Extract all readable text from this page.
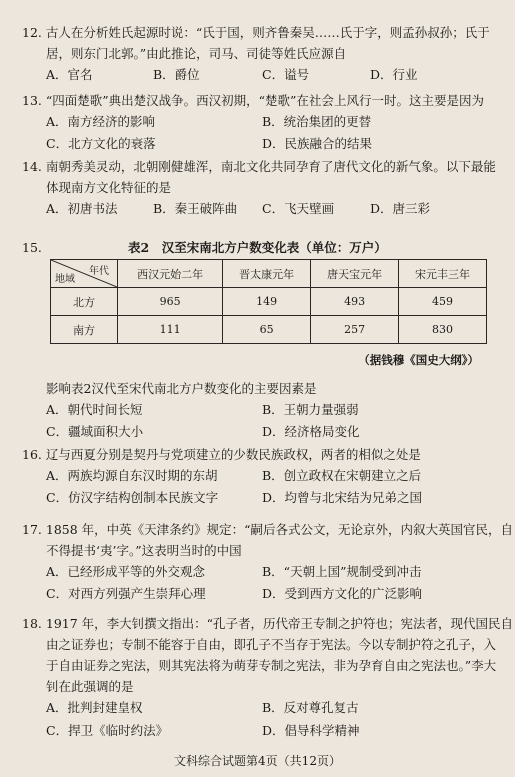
12. 古人在分析姓氏起源时说：“氏于国，则齐鲁秦吴……氏于字，则孟孙叔孙；氏于
居，则东门北郭。”由此推论，司马、司徒等姓氏应源自
A．官名	B．爵位	C．谥号	D．行业
13. “四面楚歌”典出楚汉战争。西汉初期，“楚歌”在社会上风行一时。这主要是因为
A．南方经济的影响	B．统治集团的更替
C．北方文化的衰落	D．民族融合的结果
14. 南朝秀美灵动，北朝刚健雄浑，南北文化共同孕育了唐代文化的新气象。以下最能
体现南方文化特征的是
A．初唐书法	B．秦王破阵曲 C．飞天壁画	D．唐三彩
15.	表2　汉至宋南北方户数变化表（单位：万户）
年代
地域	西汉元始二年	晋太康元年	唐天宝元年	宋元丰三年
北方	965	149	493	459
南方	111	65	257	830
（据钱穆《国史大纲》）
影响表2汉代至宋代南北方户数变化的主要因素是
A．朝代时间长短	B．王朝力量强弱
C．疆域面积大小	D．经济格局变化
16. 辽与西夏分别是契丹与党项建立的少数民族政权，两者的相似之处是
A．两族均源自东汉时期的东胡	B．创立政权在宋朝建立之后
C．仿汉字结构创制本民族文字	D．均曾与北宋结为兄弟之国
17. 1858 年，中英《天津条约》规定：“嗣后各式公文，无论京外，内叙大英国官民，自
不得提书‘夷’字。”这表明当时的中国
A．已经形成平等的外交观念	B．“天朝上国”规制受到冲击
C．对西方列强产生崇拜心理	D．受到西方文化的广泛影响
18. 1917 年，李大钊撰文指出：“孔子者，历代帝王专制之护符也；宪法者，现代国民自
由之证券也；专制不能容于自由，即孔子不当存于宪法。今以专制护符之孔子，入
于自由证券之宪法，则其宪法将为萌芽专制之宪法，非为孕育自由之宪法也。”李大
钊在此强调的是
A．批判封建皇权	B．反对尊孔复古
C．捍卫《临时约法》	D．倡导科学精神
文科综合试题第4页（共12页）
